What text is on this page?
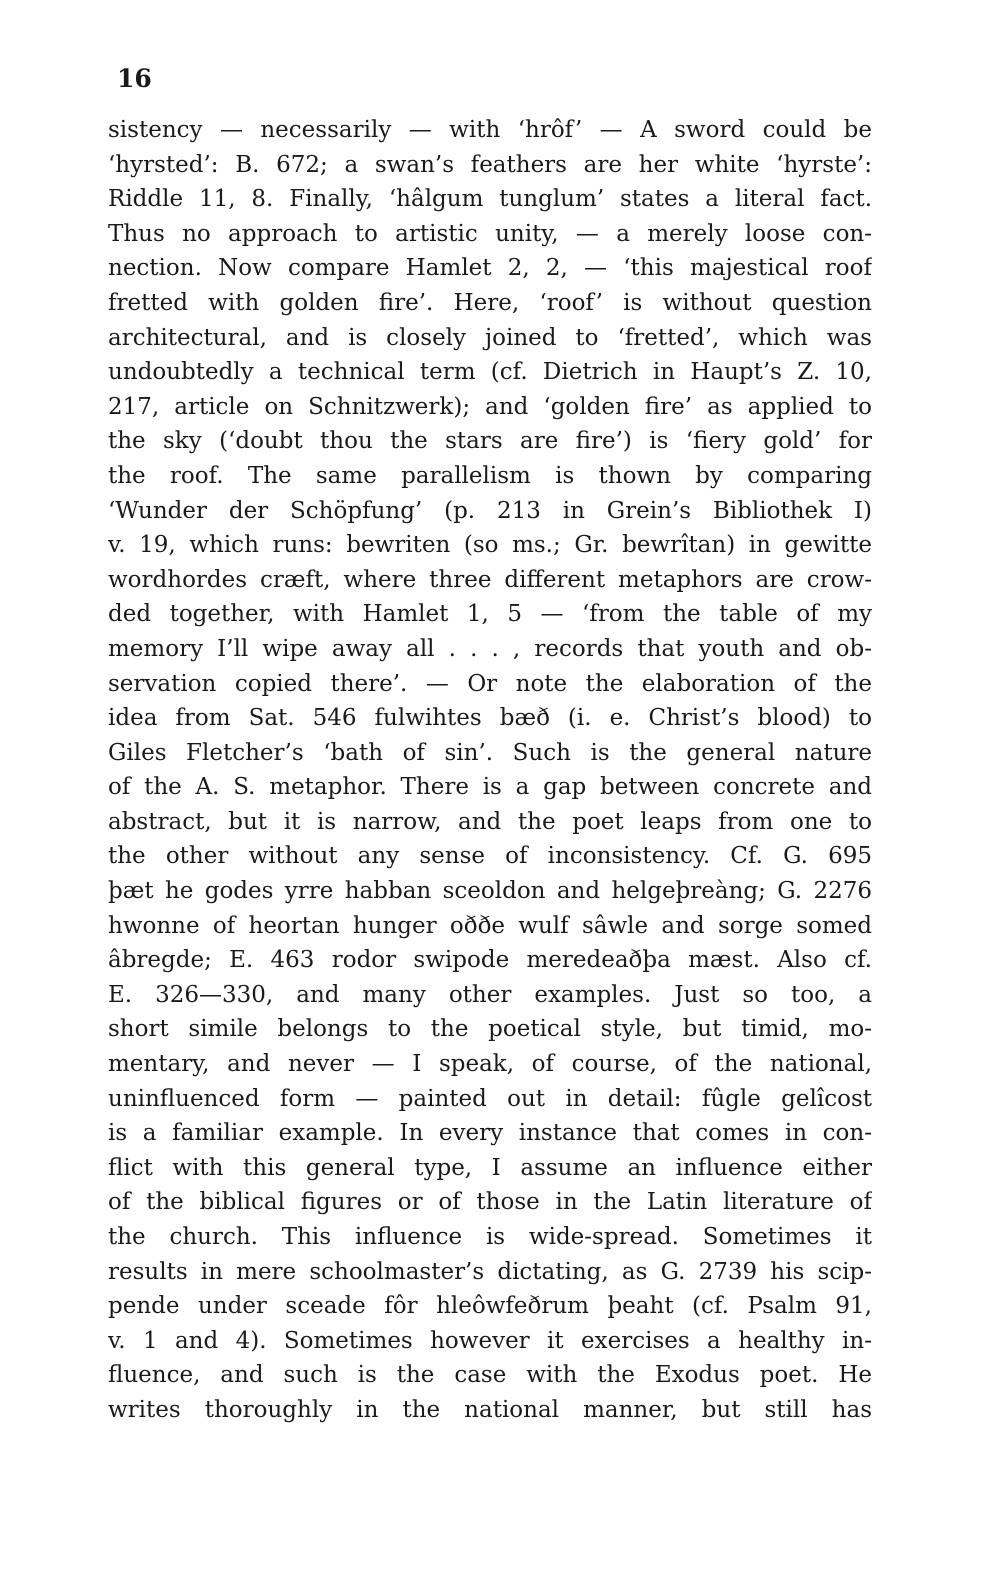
16
sistency — necessarily — with ‘hrôf’ — A sword could be
‘hyrsted’: B. 672; a swan’s feathers are her white ‘hyrste’:
Riddle 11, 8. Finally, ‘hâlgum tunglum’ states a literal fact.
Thus no approach to artistic unity, — a merely loose con-
nection. Now compare Hamlet 2, 2, — ‘this majestical roof
fretted with golden fire’. Here, ‘roof’ is without question
architectural, and is closely joined to ‘fretted’, which was
undoubtedly a technical term (cf. Dietrich in Haupt’s Z. 10,
217, article on Schnitzwerk); and ‘golden fire’ as applied to
the sky (‘doubt thou the stars are fire’) is ‘fiery gold’ for
the roof. The same parallelism is thown by comparing
‘Wunder der Schöpfung’ (p. 213 in Grein’s Bibliothek I)
v. 19, which runs: bewriten (so ms.; Gr. bewrîtan) in gewitte
wordhordes cræft, where three different metaphors are crow-
ded together, with Hamlet 1, 5 — ‘from the table of my
memory I’ll wipe away all . . . , records that youth and ob-
servation copied there’. — Or note the elaboration of the
idea from Sat. 546 fulwihtes bæð (i. e. Christ’s blood) to
Giles Fletcher’s ‘bath of sin’. Such is the general nature
of the A. S. metaphor. There is a gap between concrete and
abstract, but it is narrow, and the poet leaps from one to
the other without any sense of inconsistency. Cf. G. 695
þæt he godes yrre habban sceoldon and helgeþreàng; G. 2276
hwonne of heortan hunger oððe wulf sâwle and sorge somed
âbregde; E. 463 rodor swipode meredeaðþa mæst. Also cf.
E. 326—330, and many other examples. Just so too, a
short simile belongs to the poetical style, but timid, mo-
mentary, and never — I speak, of course, of the national,
uninfluenced form — painted out in detail: fûgle gelîcost
is a familiar example. In every instance that comes in con-
flict with this general type, I assume an influence either
of the biblical figures or of those in the Latin literature of
the church. This influence is wide-spread. Sometimes it
results in mere schoolmaster’s dictating, as G. 2739 his scip-
pende under sceade fôr hleôwfeðrum þeaht (cf. Psalm 91,
v. 1 and 4). Sometimes however it exercises a healthy in-
fluence, and such is the case with the Exodus poet. He
writes thoroughly in the national manner, but still has
